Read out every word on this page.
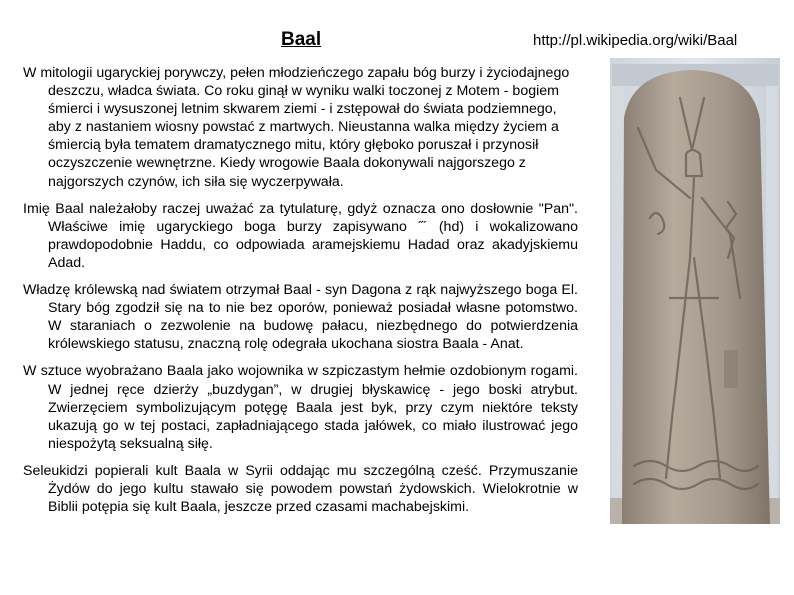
Baal	http://pl.wikipedia.org/wiki/Baal

W mitologii ugaryckiej porywczy, pełen młodzieńczego zapału bóg burzy i życiodajnego deszczu, władca świata. Co roku ginął w wyniku walki toczonej z Motem - bogiem śmierci i wysuszonej letnim skwarem ziemi - i zstępował do świata podziemnego, aby z nastaniem wiosny powstać z martwych. Nieustanna walka między życiem a śmiercią była tematem dramatycznego mitu, który głęboko poruszał i przynosił oczyszczenie wewnętrzne. Kiedy wrogowie Baala dokonywali najgorszego z najgorszych czynów, ich siła się wyczerpywała.

Imię Baal należałoby raczej uważać za tytulaturę, gdyż oznacza ono dosłownie "Pan". Właściwe imię ugaryckiego boga burzy zapisywano ˝´ (hd) i wokalizowano prawdopodobnie Haddu, co odpowiada aramejskiemu Hadad oraz akadyjskiemu Adad.

Władzę królewską nad światem otrzymał Baal - syn Dagona z rąk najwyższego boga El. Stary bóg zgodził się na to nie bez oporów, ponieważ posiadał własne potomstwo. W staraniach o zezwolenie na budowę pałacu, niezbędnego do potwierdzenia królewskiego statusu, znaczną rolę odegrała ukochana siostra Baala - Anat.

W sztuce wyobrażano Baala jako wojownika w szpiczastym hełmie ozdobionym rogami. W jednej ręce dzierży „buzdygan”, w drugiej błyskawicę - jego boski atrybut. Zwierzęciem symbolizującym potęgę Baala jest byk, przy czym niektóre teksty ukazują go w tej postaci, zapładniającego stada jałówek, co miało ilustrować jego niespożytą seksualną siłę.

Seleukidzi popierali kult Baala w Syrii oddając mu szczególną cześć. Przymuszanie Żydów do jego kultu stawało się powodem powstań żydowskich. Wielokrotnie w Biblii potępia się kult Baala, jeszcze przed czasami machabejskimi.
